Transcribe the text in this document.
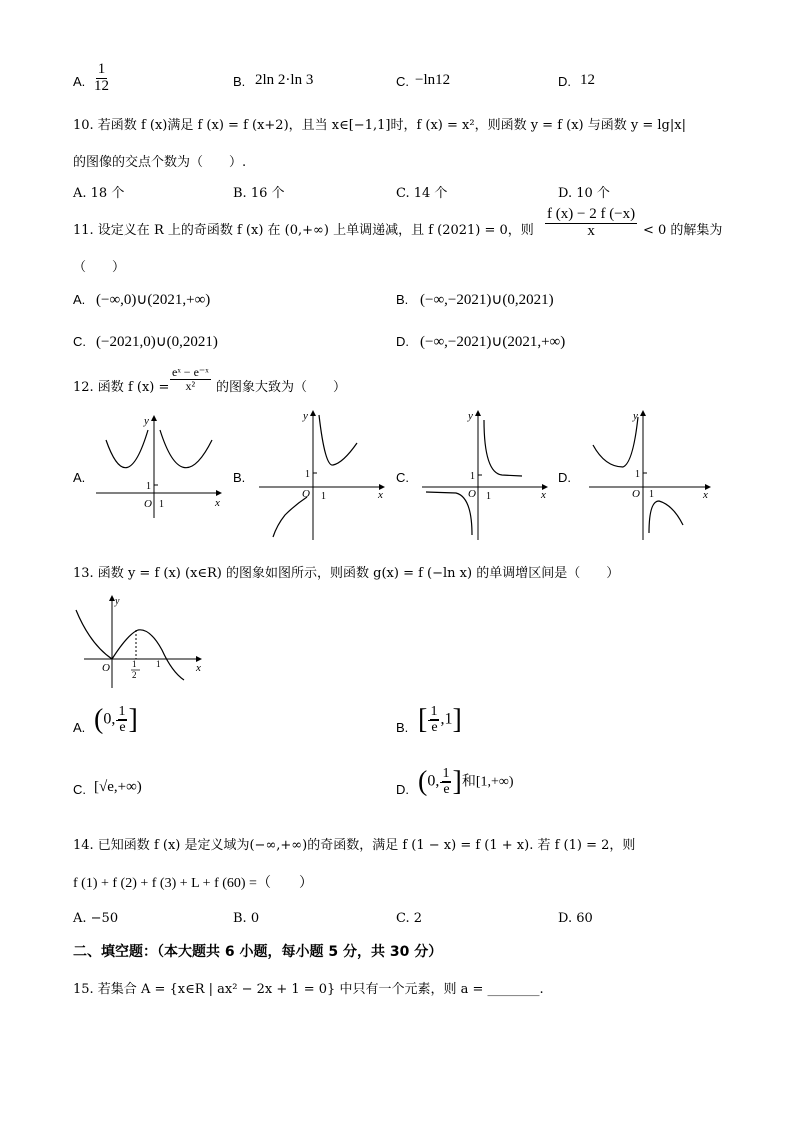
A. $\frac{1}{12}$	B. 2ln 2·ln 3	C. −ln12	D. 12
10. 若函数 f (x)满足 f (x) = f (x+2)，且当 x∈[−1,1]时，f (x) = x²，则函数 y = f (x) 与函数 y = lg|x|
的图像的交点个数为（　　）.
A. 18 个	B. 16 个	C. 14 个	D. 10 个
11. 设定义在 R 上的奇函数 f (x) 在 (0,+∞) 上单调递减，且 f (2021) = 0，则 $\frac{f (x) - 2 f (-x)}{x} < 0$ 的解集为
（　　）
A. (−∞,0)∪(2021,+∞)	B. (−∞,−2021)∪(0,2021)
C. (−2021,0)∪(0,2021)	D. (−∞,−2021)∪(2021,+∞)
12. 函数 f $(x) = \frac{\text{eˣ − e⁻ˣ}}{\text{x²}}$ 的图象大致为（　　）
A.	B.	C.	D.
1
O 1	x
y
1
O 1	x
y
1
O 1	x
y
1
O 1	x
y
13. 函数 y = f (x) (x∈R) 的图象如图所示，则函数 g(x) = f (−ln x) 的单调增区间是（　　）
y
O 1
2
1	x
A. (0, $\frac{1}{e}$ ]	B. [ $\frac{1}{e} ,1$]
C. [√e,+∞)	D. (0, $\frac{1}{e}$ ]和[1,+∞)
14. 已知函数 f (x) 是定义域为(−∞,+∞)的奇函数，满足 f (1 − x) = f (1 + x). 若 f (1) = 2，则
f (1) + f (2) + f (3) + L + f (60) =（　　）
A. −50	B. 0	C. 2	D. 60
二、填空题：（本大题共 6 小题，每小题 5 分，共 30 分）
15. 若集合 A = {x∈R | ax² − 2x + 1 = 0} 中只有一个元素，则 a = ________.
